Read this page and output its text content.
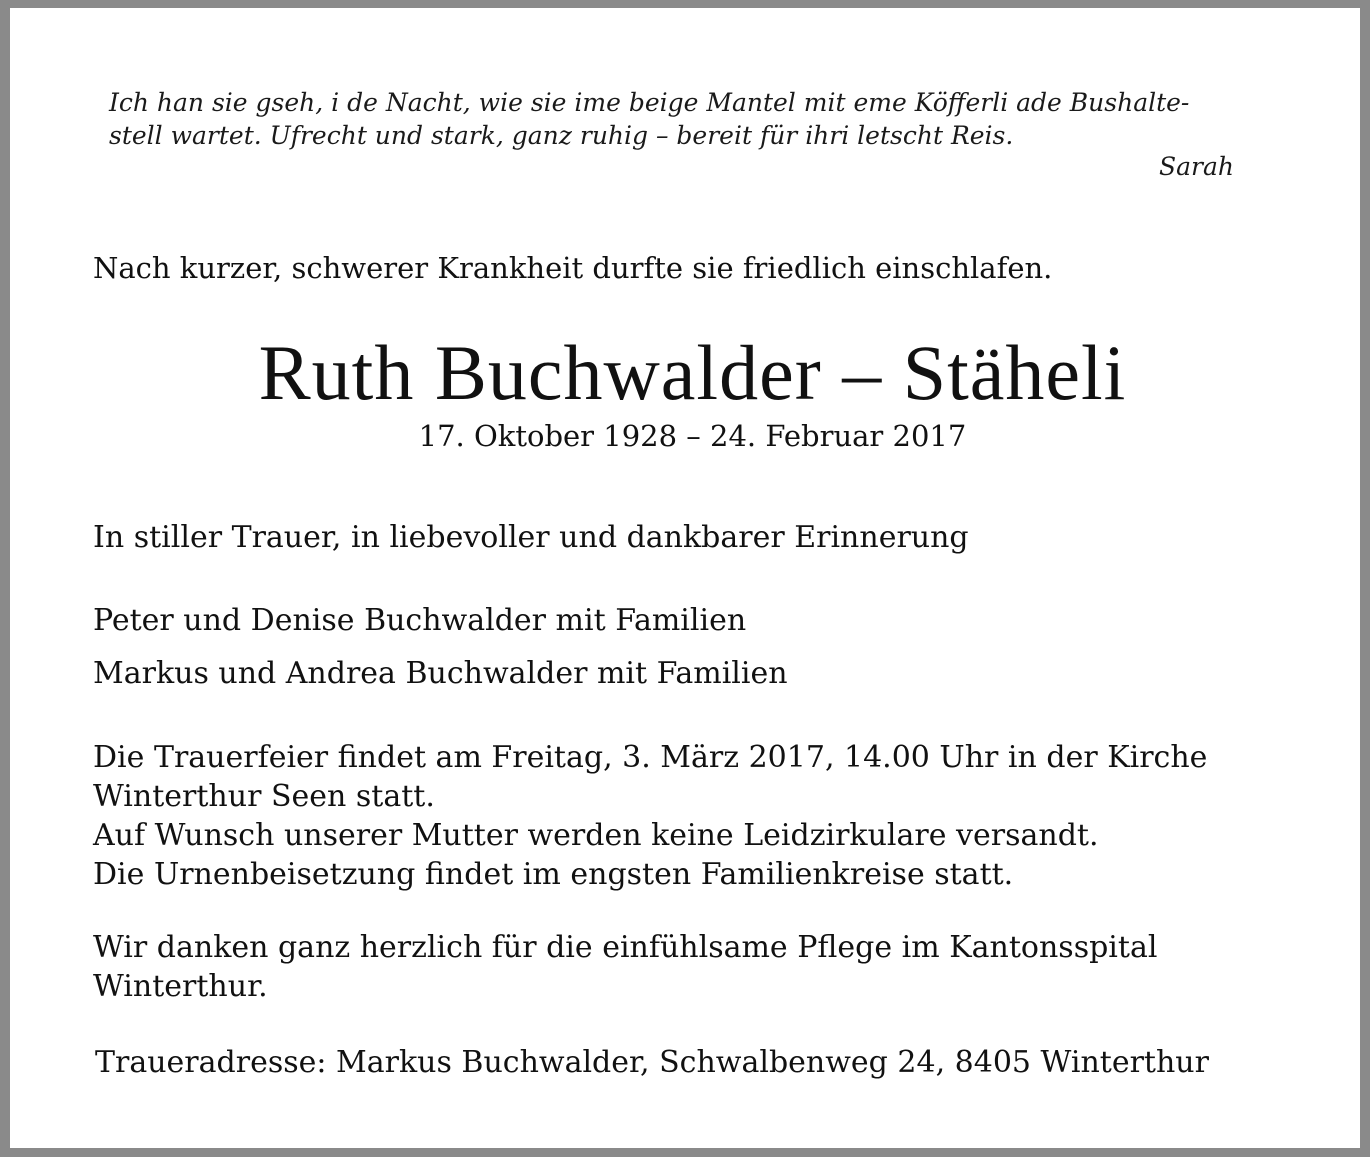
Ich han sie gseh, i de Nacht, wie sie ime beige Mantel mit eme Köfferli ade Bushalte-
stell wartet. Ufrecht und stark, ganz ruhig – bereit für ihri letscht Reis.
Sarah
Nach kurzer, schwerer Krankheit durfte sie friedlich einschlafen.
Ruth Buchwalder – Stäheli
17. Oktober 1928 – 24. Februar 2017
In stiller Trauer, in liebevoller und dankbarer Erinnerung
Peter und Denise Buchwalder mit Familien
Markus und Andrea Buchwalder mit Familien
Die Trauerfeier findet am Freitag, 3. März 2017, 14.00 Uhr in der Kirche
Winterthur Seen statt.
Auf Wunsch unserer Mutter werden keine Leidzirkulare versandt.
Die Urnenbeisetzung findet im engsten Familienkreise statt.
Wir danken ganz herzlich für die einfühlsame Pflege im Kantonsspital
Winterthur.
Traueradresse: Markus Buchwalder, Schwalbenweg 24, 8405 Winterthur
